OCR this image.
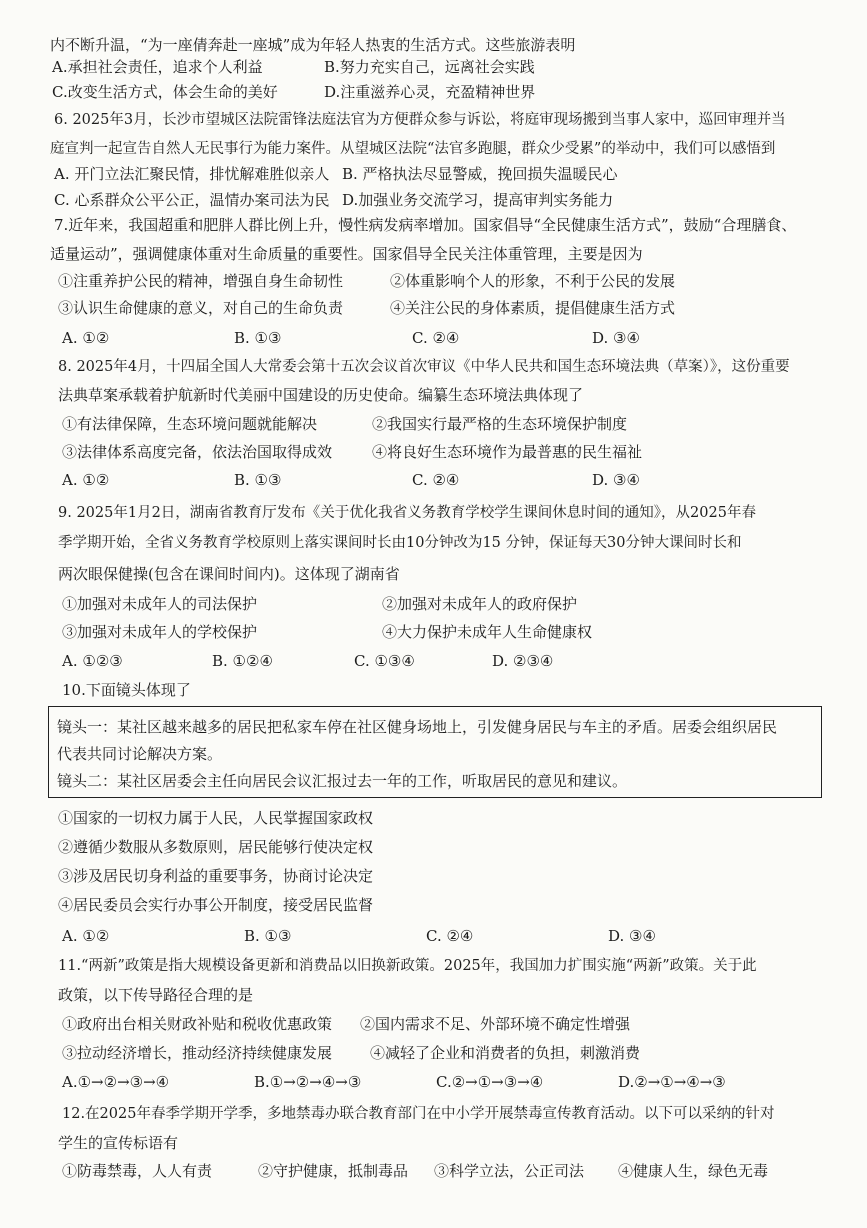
内不断升温，“为一座倩奔赴一座城”成为年轻人热衷的生活方式。这些旅游表明
A.承担社会责任，追求个人利益	B.努力充实自己，远离社会实践
C.改变生活方式，体会生命的美好	D.注重滋养心灵，充盈精神世界
6. 2025年3月，长沙市望城区法院雷锋法庭法官为方便群众参与诉讼，将庭审现场搬到当事人家中，巡回审理并当
庭宣判一起宣告自然人无民事行为能力案件。从望城区法院“法官多跑腿，群众少受累”的举动中，我们可以感悟到
A. 开门立法汇聚民情，排忧解难胜似亲人 B. 严格执法尽显警威，挽回损失温暖民心
C. 心系群众公平公正，温情办案司法为民 D.加强业务交流学习，提高审判实务能力
7.近年来，我国超重和肥胖人群比例上升，慢性病发病率增加。国家倡导“全民健康生活方式”，鼓励“合理膳食、
适量运动”，强调健康体重对生命质量的重要性。国家倡导全民关注体重管理，主要是因为
①注重养护公民的精神，增强自身生命韧性	②体重影响个人的形象，不利于公民的发展
③认识生命健康的意义，对自己的生命负责	④关注公民的身体素质，提倡健康生活方式
A. ①②	B. ①③	C. ②④	D. ③④
8. 2025年4月，十四届全国人大常委会第十五次会议首次审议《中华人民共和国生态环境法典（草案）》，这份重要
法典草案承载着护航新时代美丽中国建设的历史使命。编纂生态环境法典体现了
①有法律保障，生态环境问题就能解决	②我国实行最严格的生态环境保护制度
③法律体系高度完备，依法治国取得成效	④将良好生态环境作为最普惠的民生福祉
A. ①②	B. ①③	C. ②④	D. ③④
9. 2025年1月2日，湖南省教育厅发布《关于优化我省义务教育学校学生课间休息时间的通知》，从2025年春
季学期开始，全省义务教育学校原则上落实课间时长由10分钟改为15 分钟，保证每天30分钟大课间时长和
两次眼保健操(包含在课间时间内)。这体现了湖南省
①加强对未成年人的司法保护	②加强对未成年人的政府保护
③加强对未成年人的学校保护	④大力保护未成年人生命健康权
A. ①②③	B. ①②④	C. ①③④	D. ②③④
10.下面镜头体现了
镜头一：某社区越来越多的居民把私家车停在社区健身场地上，引发健身居民与车主的矛盾。居委会组织居民
代表共同讨论解决方案。
镜头二：某社区居委会主任向居民会议汇报过去一年的工作，听取居民的意见和建议。
①国家的一切权力属于人民，人民掌握国家政权
②遵循少数服从多数原则，居民能够行使决定权
③涉及居民切身利益的重要事务，协商讨论决定
④居民委员会实行办事公开制度，接受居民监督
A. ①②	B. ①③	C. ②④	D. ③④
11.“两新”政策是指大规模设备更新和消费品以旧换新政策。2025年，我国加力扩围实施“两新”政策。关于此
政策，以下传导路径合理的是
①政府出台相关财政补贴和税收优惠政策 ②国内需求不足、外部环境不确定性增强
③拉动经济增长，推动经济持续健康发展	④减轻了企业和消费者的负担，刺激消费
A.①→②→③→④	B.①→②→④→③	C.②→①→③→④	D.②→①→④→③
12.在2025年春季学期开学季，多地禁毒办联合教育部门在中小学开展禁毒宣传教育活动。以下可以采纳的针对
学生的宣传标语有
①防毒禁毒，人人有责	②守护健康，抵制毒品 ③科学立法，公正司法 ④健康人生，绿色无毒
